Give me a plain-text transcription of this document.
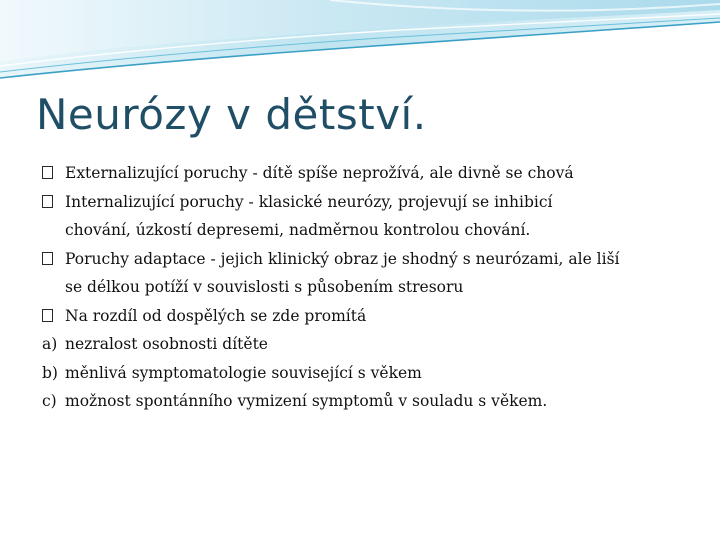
Neurózy v dětství.

Externalizující poruchy - dítě spíše neprožívá, ale divně se chová

Internalizující poruchy - klasické neurózy, projevují se inhibicí
chování, úzkostí depresemi, nadměrnou kontrolou chování.

Poruchy adaptace - jejich klinický obraz je shodný s neurózami, ale liší
se délkou potíží v souvislosti s působením stresoru

Na rozdíl od dospělých se zde promítá

a) nezralost osobnosti dítěte

b) měnlivá symptomatologie související s věkem

c) možnost spontánního vymizení symptomů v souladu s věkem.
